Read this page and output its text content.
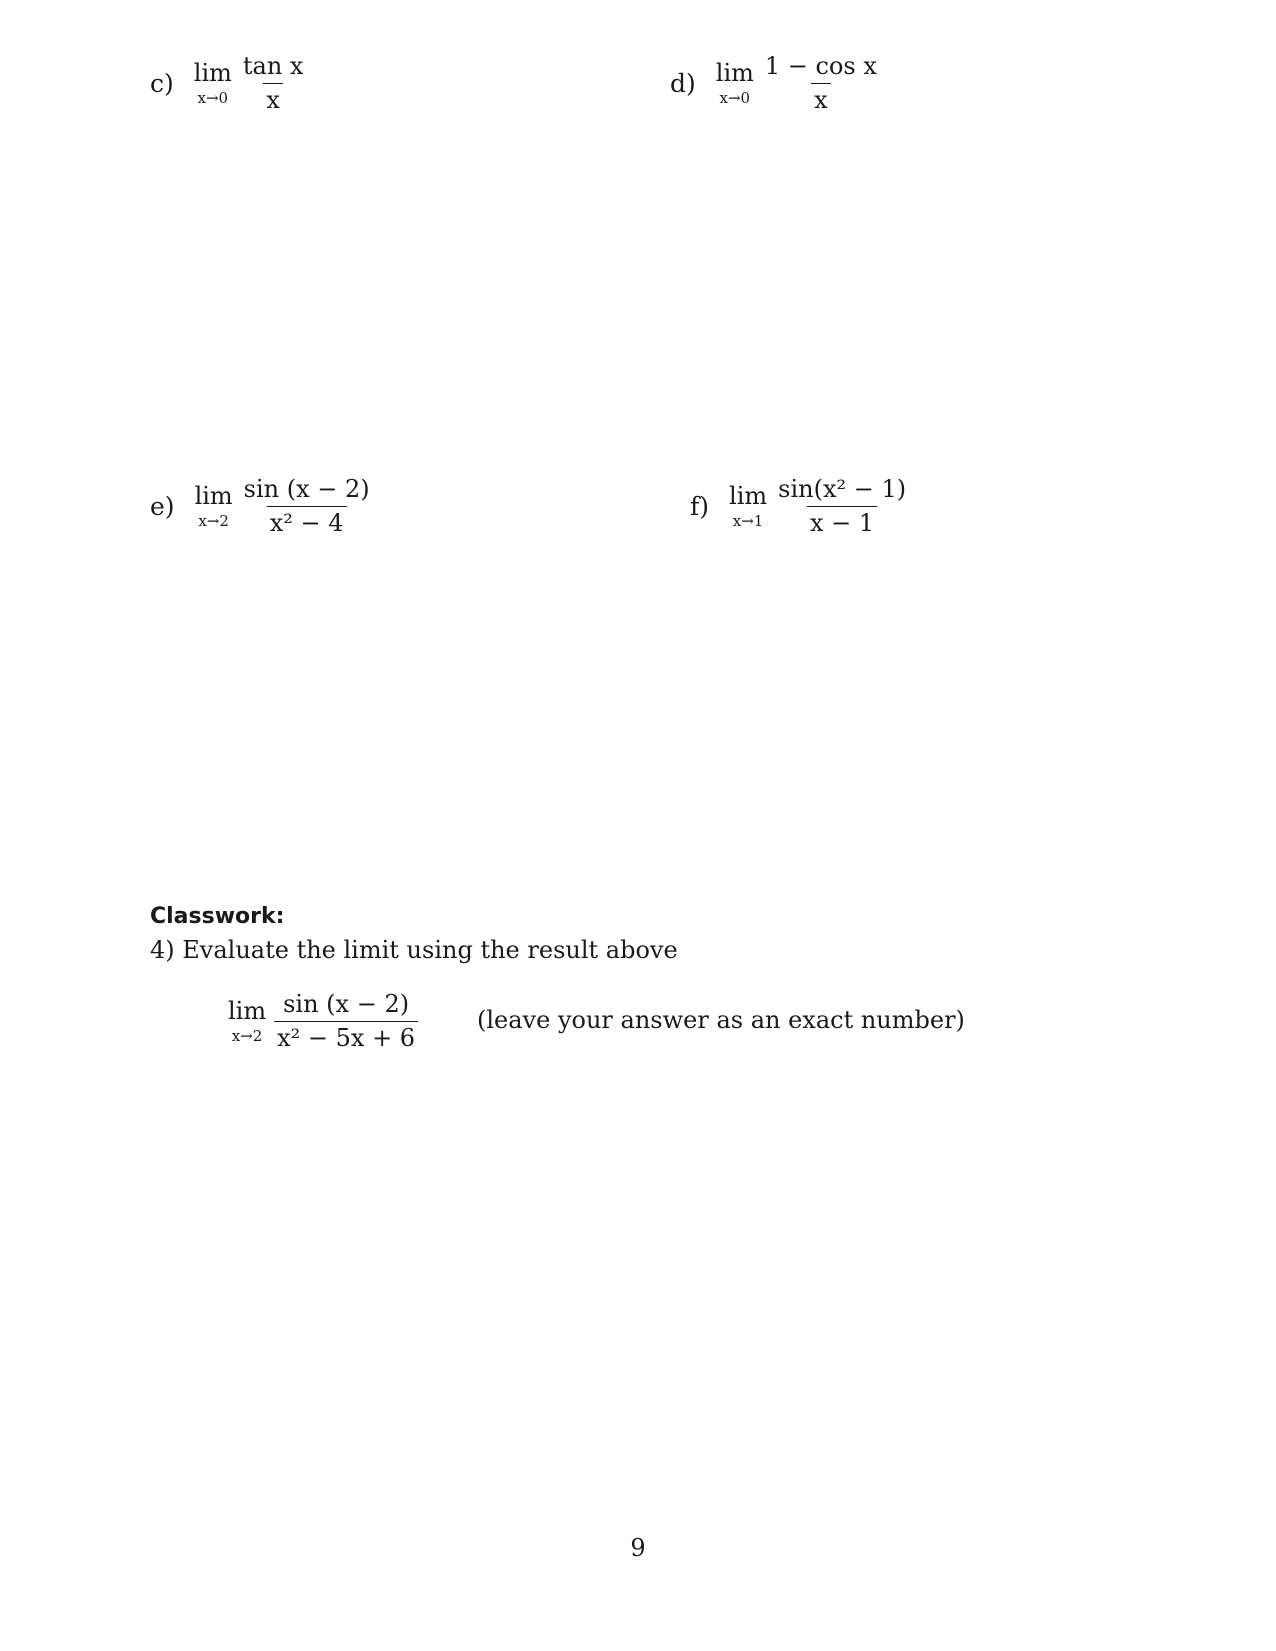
c) lim
$x\to 0 \frac{\text{tan x}}{x}$	d) lim
$x\to 0 \frac{\text{1 − cos x}}{x}$
e) lim
$x\to 2 \frac{\sin (x - 2)}{\text{x² − 4}}$	f) lim
$x\to 1 \frac{\text{sin(x² − 1)}}{x - 1}$
Classwork:
4) Evaluate the limit using the result above
lim
$x\to 2 \frac{\sin (x - 2)}{\text{x² − 5x + 6}}$ (leave your answer as an exact number)
9
